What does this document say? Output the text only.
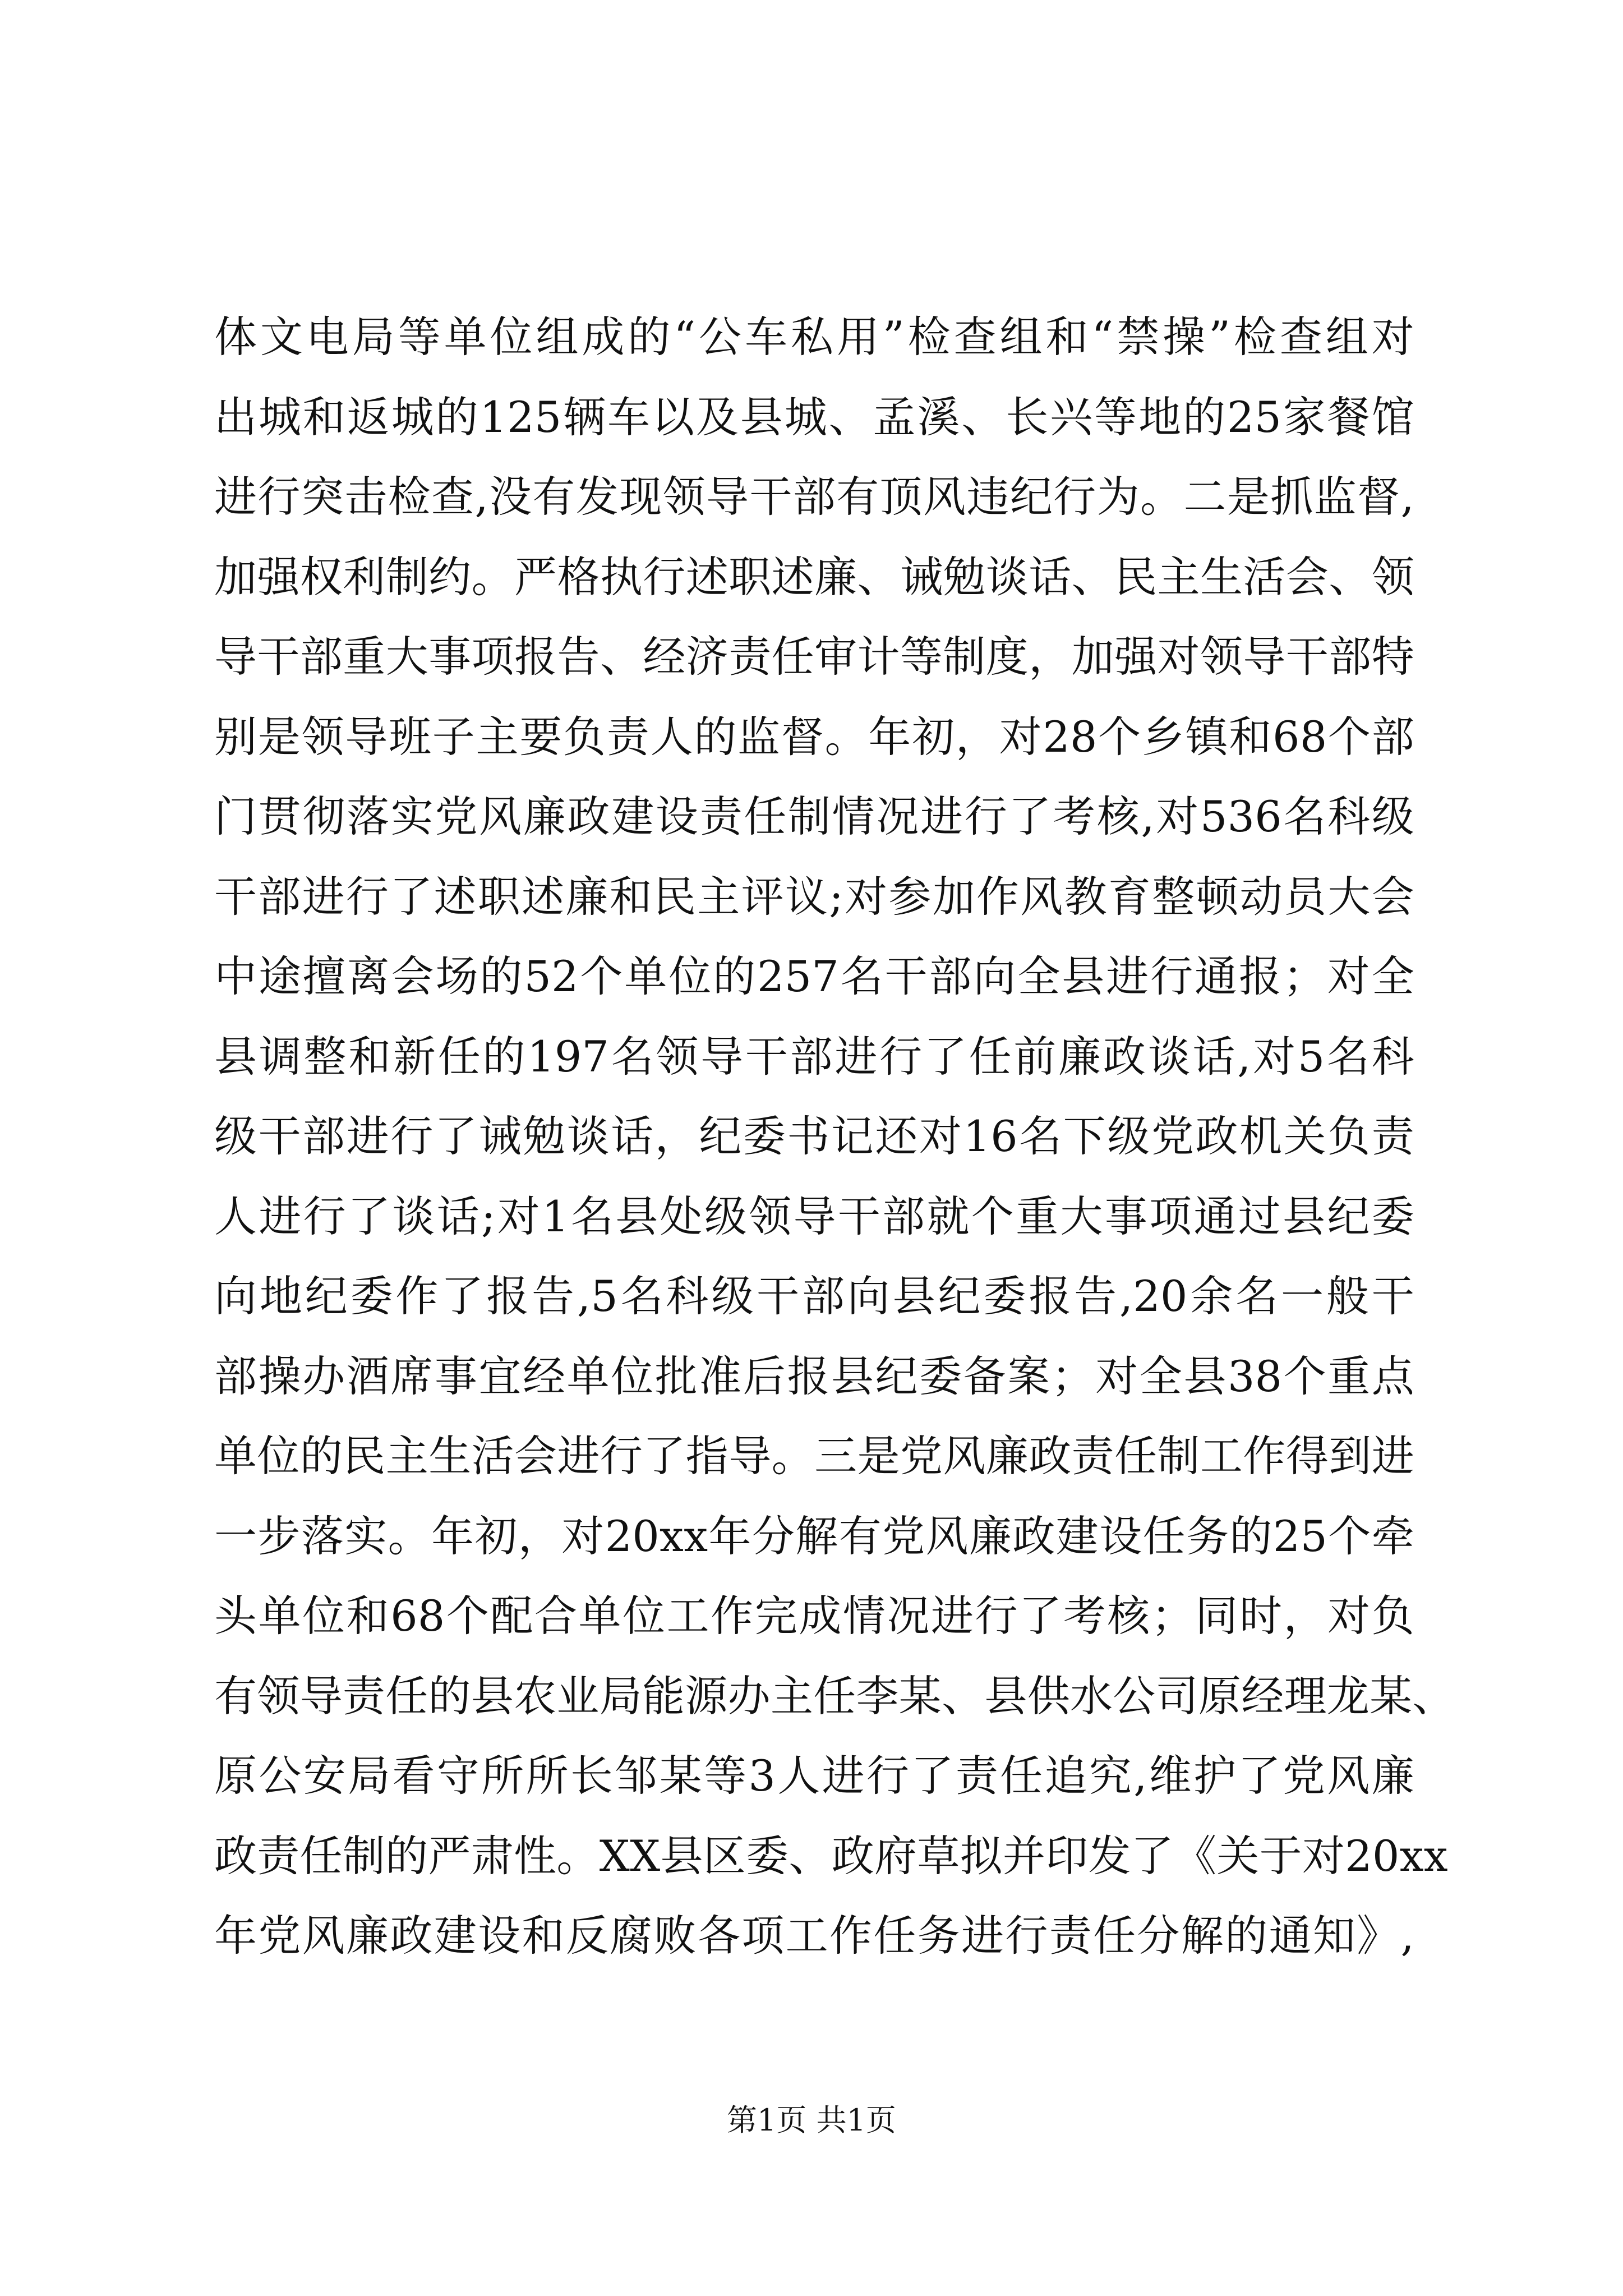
体文电局等单位组成的“公车私用”检查组和“禁操”检查组对
出城和返城的125辆车以及县城、孟溪、长兴等地的25家餐馆
进行突击检查,没有发现领导干部有顶风违纪行为。二是抓监督,
加强权利制约。严格执行述职述廉、诫勉谈话、民主生活会、领
导干部重大事项报告、经济责任审计等制度，加强对领导干部特
别是领导班子主要负责人的监督。年初，对28个乡镇和68个部
门贯彻落实党风廉政建设责任制情况进行了考核,对536名科级
干部进行了述职述廉和民主评议;对参加作风教育整顿动员大会
中途擅离会场的52个单位的257名干部向全县进行通报；对全
县调整和新任的197名领导干部进行了任前廉政谈话,对5名科
级干部进行了诫勉谈话，纪委书记还对16名下级党政机关负责
人进行了谈话;对1名县处级领导干部就个重大事项通过县纪委
向地纪委作了报告,5名科级干部向县纪委报告,20余名一般干
部操办酒席事宜经单位批准后报县纪委备案；对全县38个重点
单位的民主生活会进行了指导。三是党风廉政责任制工作得到进
一步落实。年初，对20xx年分解有党风廉政建设任务的25个牵
头单位和68个配合单位工作完成情况进行了考核；同时，对负
有领导责任的县农业局能源办主任李某、县供水公司原经理龙某、
原公安局看守所所长邹某等3人进行了责任追究,维护了党风廉
政责任制的严肃性。XX县区委、政府草拟并印发了《关于对20xx
年党风廉政建设和反腐败各项工作任务进行责任分解的通知》,
第1页 共1页
